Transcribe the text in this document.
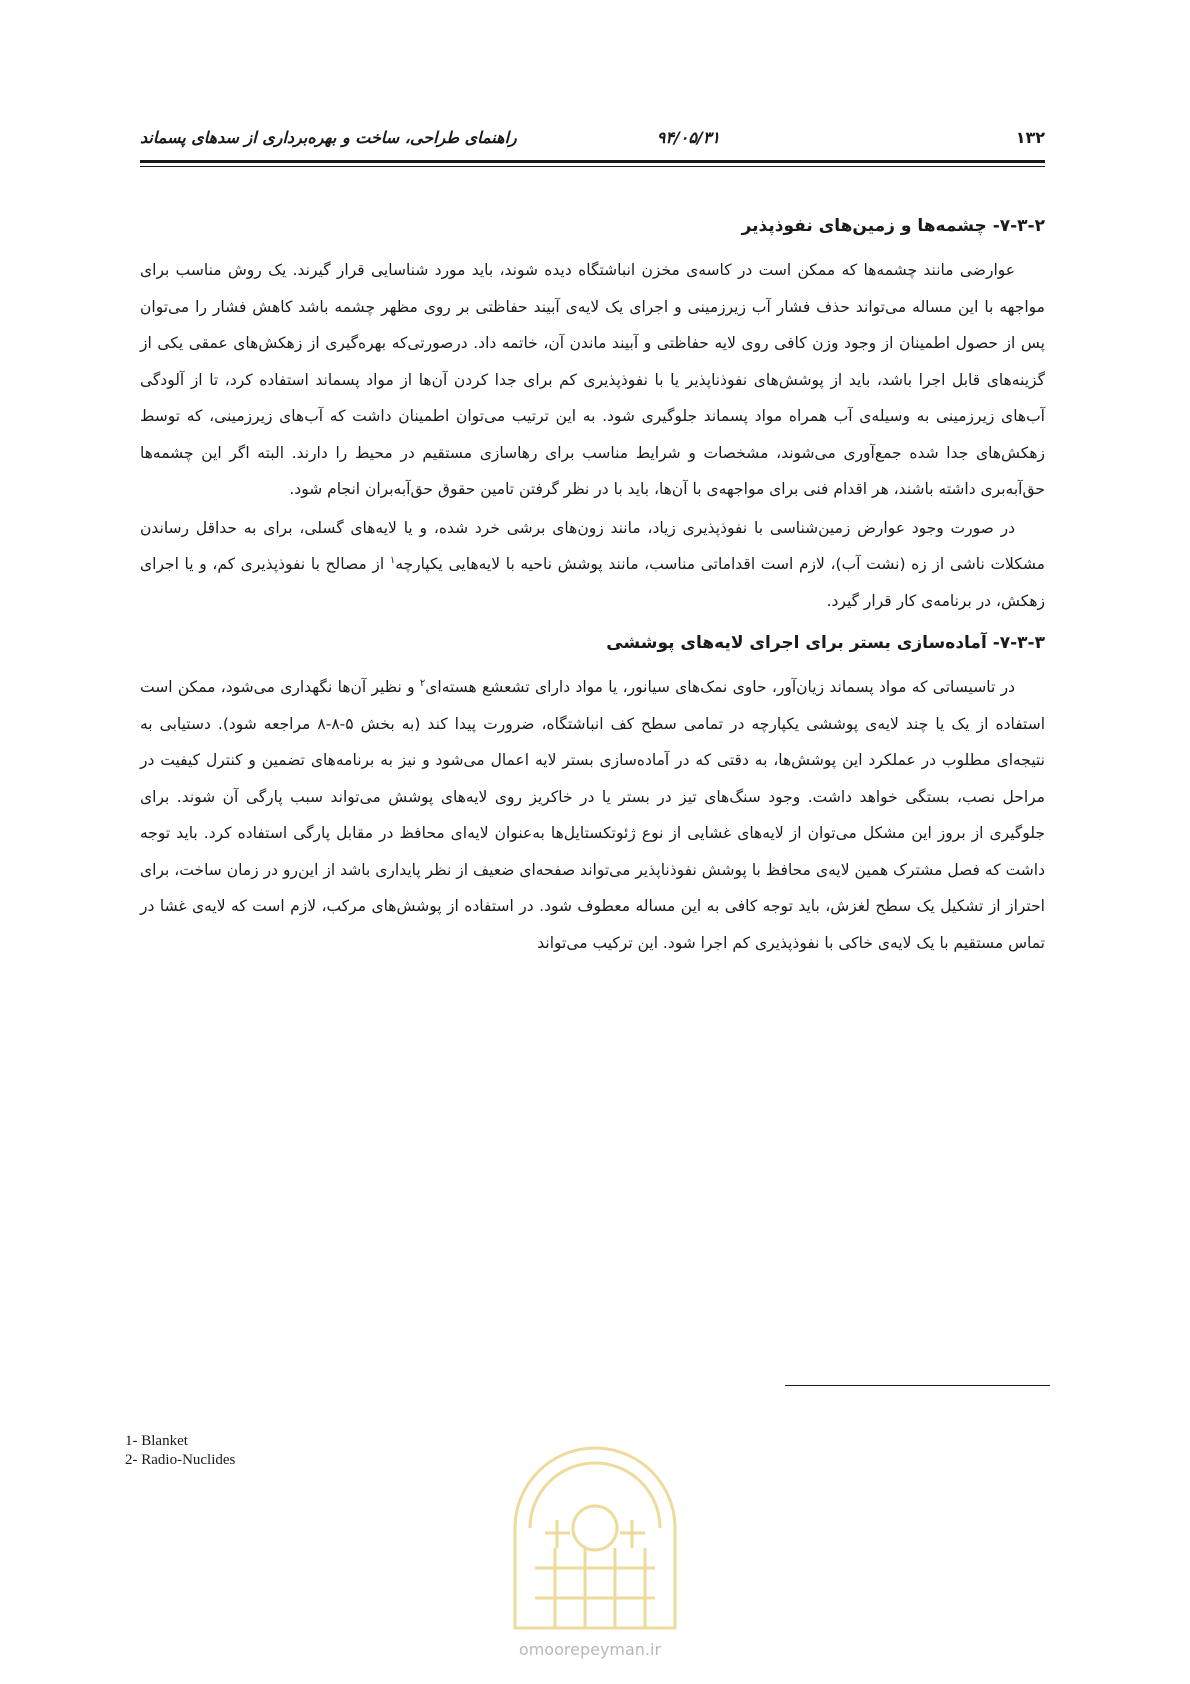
۱۳۲
۹۴/۰۵/۳۱
راهنمای طراحی، ساخت و بهره‌برداری از سدهای پسماند
۷-۳-۲- چشمه‌ها و زمین‌های نفوذپذیر

عوارضی مانند چشمه‌ها که ممکن است در کاسه‌ی مخزن انباشتگاه دیده شوند، باید مورد شناسایی قرار گیرند. یک روش مناسب برای مواجهه با این مساله می‌تواند حذف فشار آب زیرزمینی و اجرای یک لایه‌ی آبیند حفاظتی بر روی مظهر چشمه باشد کاهش فشار را می‌توان پس از حصول اطمینان از وجود وزن کافی روی لایه حفاظتی و آبیند ماندن آن، خاتمه داد. درصورتی‌که بهره‌گیری از زهکش‌های عمقی یکی از گزینه‌های قابل اجرا باشد، باید از پوشش‌های نفوذناپذیر یا با نفوذپذیری کم برای جدا کردن آن‌ها از مواد پسماند استفاده کرد، تا از آلودگی آب‌های زیرزمینی به وسیله‌ی آب همراه مواد پسماند جلوگیری شود. به این ترتیب می‌توان اطمینان داشت که آب‌های زیرزمینی، که توسط زهکش‌های جدا شده جمع‌آوری می‌شوند، مشخصات و شرایط مناسب برای رهاسازی مستقیم در محیط را دارند. البته اگر این چشمه‌ها حق‌آبه‌بری داشته باشند، هر اقدام فنی برای مواجهه‌ی با آن‌ها، باید با در نظر گرفتن تامین حقوق حق‌آبه‌بران انجام شود.

در صورت وجود عوارض زمین‌شناسی با نفوذپذیری زیاد، مانند زون‌های برشی خرد شده، و یا لایه‌های گسلی، برای به حداقل رساندن مشکلات ناشی از زه (نشت آب)، لازم است اقداماتی مناسب، مانند پوشش ناحیه با لایه‌هایی یکپارچه$^۱$ از مصالح با نفوذپذیری کم، و یا اجرای زهکش، در برنامه‌ی کار قرار گیرد.

۷-۳-۳- آماده‌سازی بستر برای اجرای لایه‌های پوششی

در تاسیساتی که مواد پسماند زیان‌آور، حاوی نمک‌های سیانور، یا مواد دارای تشعشع هسته‌ای$^۲$ و نظیر آن‌ها نگهداری می‌شود، ممکن است استفاده از یک یا چند لایه‌ی پوششی یکپارچه در تمامی سطح کف انباشتگاه، ضرورت پیدا کند (به بخش ۵-۸-۸ مراجعه شود). دستیابی به نتیجه‌ای مطلوب در عملکرد این پوشش‌ها، به دقتی که در آماده‌سازی بستر لایه اعمال می‌شود و نیز به برنامه‌های تضمین و کنترل کیفیت در مراحل نصب، بستگی خواهد داشت. وجود سنگ‌های تیز در بستر یا در خاکریز روی لایه‌های پوشش می‌تواند سبب پارگی آن شوند. برای جلوگیری از بروز این مشکل می‌توان از لایه‌های غشایی از نوع ژئوتکستایل‌ها به‌عنوان لایه‌ای محافظ در مقابل پارگی استفاده کرد. باید توجه داشت که فصل مشترک همین لایه‌ی محافظ با پوشش نفوذناپذیر می‌تواند صفحه‌ای ضعیف از نظر پایداری باشد از این‌رو در زمان ساخت، برای احتراز از تشکیل یک سطح لغزش، باید توجه کافی به این مساله معطوف شود. در استفاده از پوشش‌های مرکب، لازم است که لایه‌ی غشا در تماس مستقیم با یک لایه‌ی خاکی با نفوذپذیری کم اجرا شود. این ترکیب می‌تواند

1- Blanket
2- Radio-Nuclides
omoorepeyman.ir
